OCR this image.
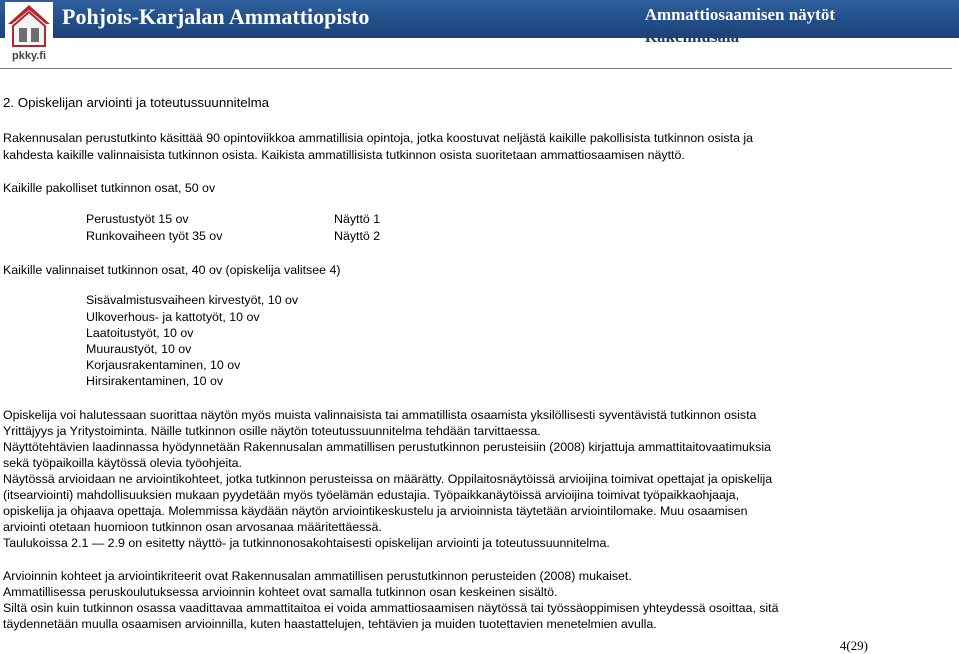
pkky.fi
Pohjois-Karjalan Ammattiopisto	Ammattiosaamisen näytöt
Rakennusala
2. Opiskelijan arviointi ja toteutussuunnitelma
Rakennusalan perustutkinto käsittää 90 opintoviikkoa ammatillisia opintoja, jotka koostuvat neljästä kaikille pakollisista tutkinnon osista ja
kahdesta kaikille valinnaisista tutkinnon osista. Kaikista ammatillisista tutkinnon osista suoritetaan ammattiosaamisen näyttö.
Kaikille pakolliset tutkinnon osat, 50 ov
Perustustyöt 15 ov	Näyttö 1
Runkovaiheen työt 35 ov	Näyttö 2
Kaikille valinnaiset tutkinnon osat, 40 ov (opiskelija valitsee 4)
Sisävalmistusvaiheen kirvestyöt, 10 ov
Ulkoverhous- ja kattotyöt, 10 ov
Laatoitustyöt, 10 ov
Muuraustyöt, 10 ov
Korjausrakentaminen, 10 ov
Hirsirakentaminen, 10 ov
Opiskelija voi halutessaan suorittaa näytön myös muista valinnaisista tai ammatillista osaamista yksilöllisesti syventävistä tutkinnon osista
Yrittäjyys ja Yritystoiminta. Näille tutkinnon osille näytön toteutussuunnitelma tehdään tarvittaessa.
Näyttötehtävien laadinnassa hyödynnetään Rakennusalan ammatillisen perustutkinnon perusteisiin (2008) kirjattuja ammattitaitovaatimuksia
sekä työpaikoilla käytössä olevia työohjeita.
Näytössä arvioidaan ne arviointikohteet, jotka tutkinnon perusteissa on määrätty. Oppilaitosnäytöissä arvioijina toimivat opettajat ja opiskelija
(itsearviointi) mahdollisuuksien mukaan pyydetään myös työelämän edustajia. Työpaikkanäytöissä arvioijina toimivat työpaikkaohjaaja,
opiskelija ja ohjaava opettaja. Molemmissa käydään näytön arviointikeskustelu ja arvioinnista täytetään arviointilomake. Muu osaamisen
arviointi otetaan huomioon tutkinnon osan arvosanaa määritettäessä.
Taulukoissa 2.1 — 2.9 on esitetty näyttö- ja tutkinnonosakohtaisesti opiskelijan arviointi ja toteutussuunnitelma.
Arvioinnin kohteet ja arviointikriteerit ovat Rakennusalan ammatillisen perustutkinnon perusteiden (2008) mukaiset.
Ammatillisessa peruskoulutuksessa arvioinnin kohteet ovat samalla tutkinnon osan keskeinen sisältö.
Siltä osin kuin tutkinnon osassa vaadittavaa ammattitaitoa ei voida ammattiosaamisen näytössä tai työssäoppimisen yhteydessä osoittaa, sitä
täydennetään muulla osaamisen arvioinnilla, kuten haastattelujen, tehtävien ja muiden tuotettavien menetelmien avulla.
4(29)
